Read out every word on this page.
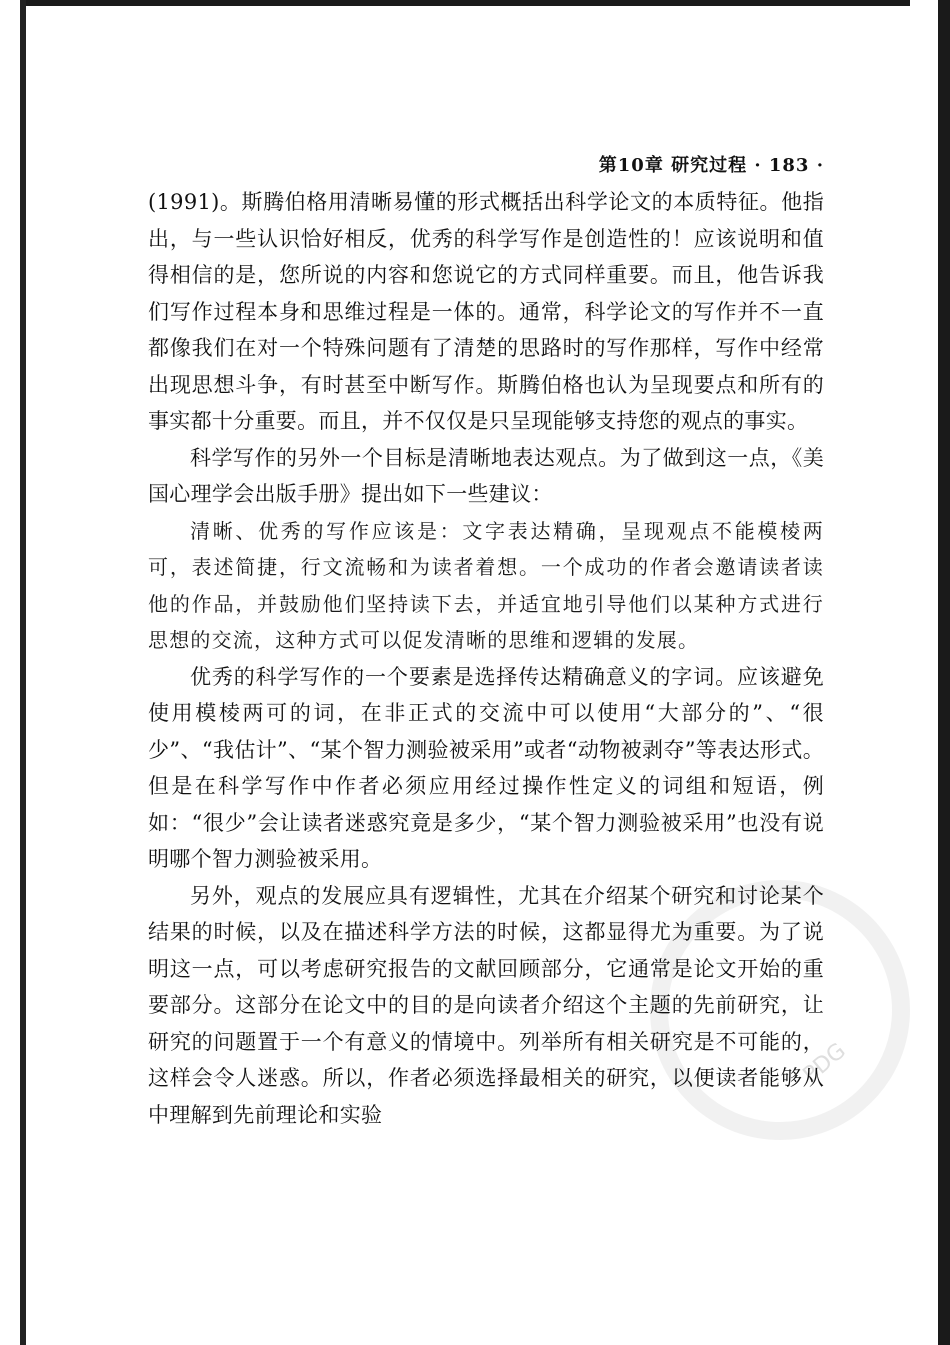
PDG
第10章 研究过程 · 183 ·

(1991)。斯腾伯格用清晰易懂的形式概括出科学论文的本质特征。他指出，与一些认识恰好相反，优秀的科学写作是创造性的！应该说明和值得相信的是，您所说的内容和您说它的方式同样重要。而且，他告诉我们写作过程本身和思维过程是一体的。通常，科学论文的写作并不一直都像我们在对一个特殊问题有了清楚的思路时的写作那样，写作中经常出现思想斗争，有时甚至中断写作。斯腾伯格也认为呈现要点和所有的事实都十分重要。而且，并不仅仅是只呈现能够支持您的观点的事实。

科学写作的另外一个目标是清晰地表达观点。为了做到这一点，《美国心理学会出版手册》提出如下一些建议：

清晰、优秀的写作应该是：文字表达精确，呈现观点不能模棱两可，表述简捷，行文流畅和为读者着想。一个成功的作者会邀请读者读他的作品，并鼓励他们坚持读下去，并适宜地引导他们以某种方式进行思想的交流，这种方式可以促发清晰的思维和逻辑的发展。

优秀的科学写作的一个要素是选择传达精确意义的字词。应该避免使用模棱两可的词，在非正式的交流中可以使用“大部分的”、“很少”、“我估计”、“某个智力测验被采用”或者“动物被剥夺”等表达形式。但是在科学写作中作者必须应用经过操作性定义的词组和短语，例如：“很少”会让读者迷惑究竟是多少，“某个智力测验被采用”也没有说明哪个智力测验被采用。

另外，观点的发展应具有逻辑性，尤其在介绍某个研究和讨论某个结果的时候，以及在描述科学方法的时候，这都显得尤为重要。为了说明这一点，可以考虑研究报告的文献回顾部分，它通常是论文开始的重要部分。这部分在论文中的目的是向读者介绍这个主题的先前研究，让研究的问题置于一个有意义的情境中。列举所有相关研究是不可能的，这样会令人迷惑。所以，作者必须选择最相关的研究，以便读者能够从中理解到先前理论和实验
